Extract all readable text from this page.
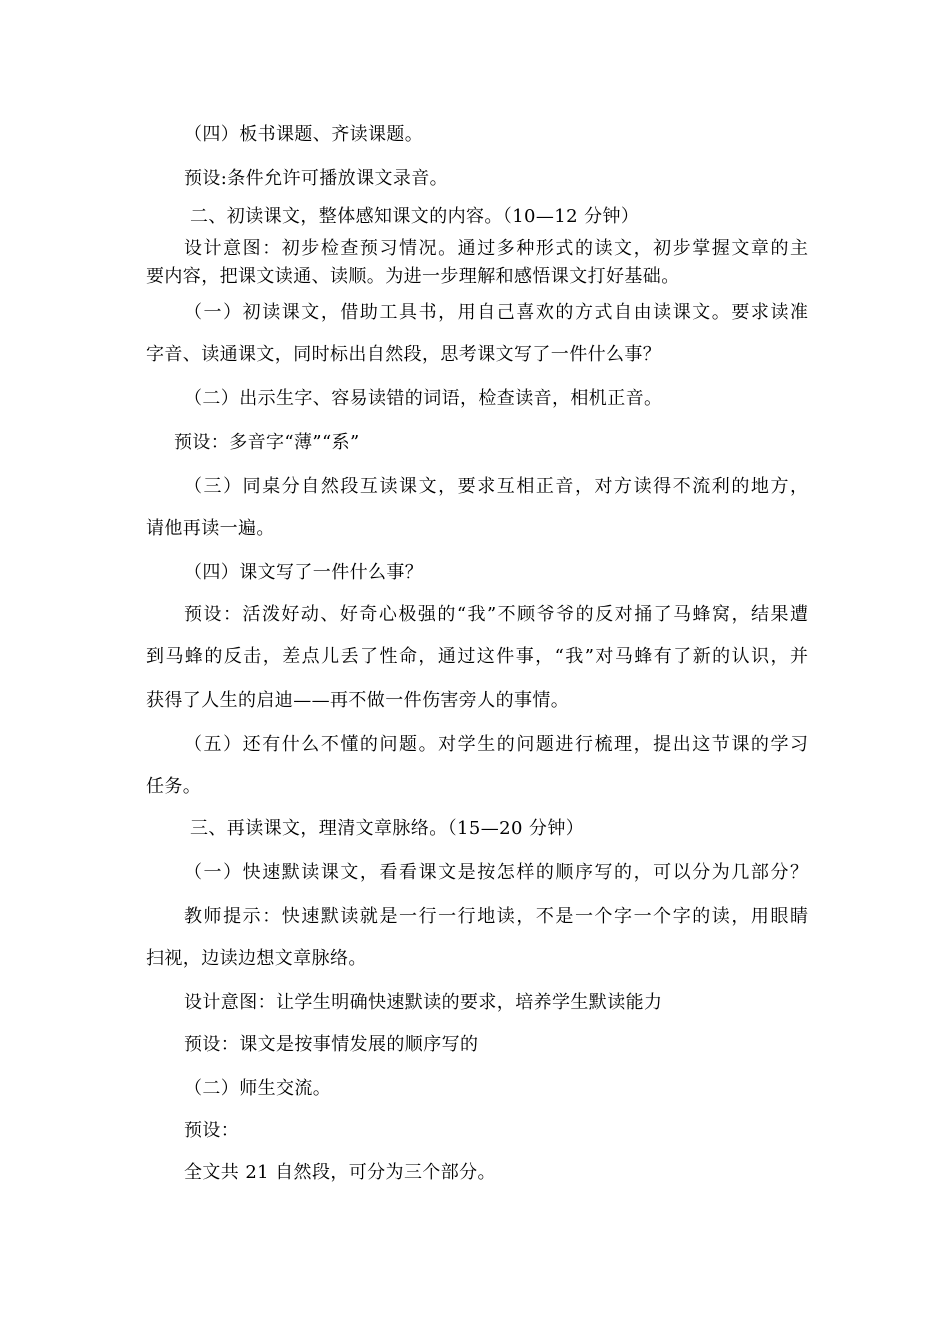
（四）板书课题、齐读课题。
预设:条件允许可播放课文录音。
二、初读课文，整体感知课文的内容。（10—12 分钟）
设计意图：初步检查预习情况。通过多种形式的读文，初步掌握文章的主
要内容，把课文读通、读顺。为进一步理解和感悟课文打好基础。
（一）初读课文，借助工具书，用自己喜欢的方式自由读课文。要求读准
字音、读通课文，同时标出自然段，思考课文写了一件什么事？
（二）出示生字、容易读错的词语，检查读音，相机正音。
预设：多音字“薄”“系”
（三）同桌分自然段互读课文，要求互相正音，对方读得不流利的地方，
请他再读一遍。
（四）课文写了一件什么事？
预设：活泼好动、好奇心极强的“我”不顾爷爷的反对捅了马蜂窝，结果遭
到马蜂的反击，差点儿丢了性命，通过这件事，“我”对马蜂有了新的认识，并
获得了人生的启迪——再不做一件伤害旁人的事情。
（五）还有什么不懂的问题。对学生的问题进行梳理，提出这节课的学习
任务。
三、再读课文，理清文章脉络。（15—20 分钟）
（一）快速默读课文，看看课文是按怎样的顺序写的，可以分为几部分？
教师提示：快速默读就是一行一行地读，不是一个字一个字的读，用眼睛
扫视，边读边想文章脉络。
设计意图：让学生明确快速默读的要求，培养学生默读能力
预设：课文是按事情发展的顺序写的
（二）师生交流。
预设：
全文共 21 自然段，可分为三个部分。
